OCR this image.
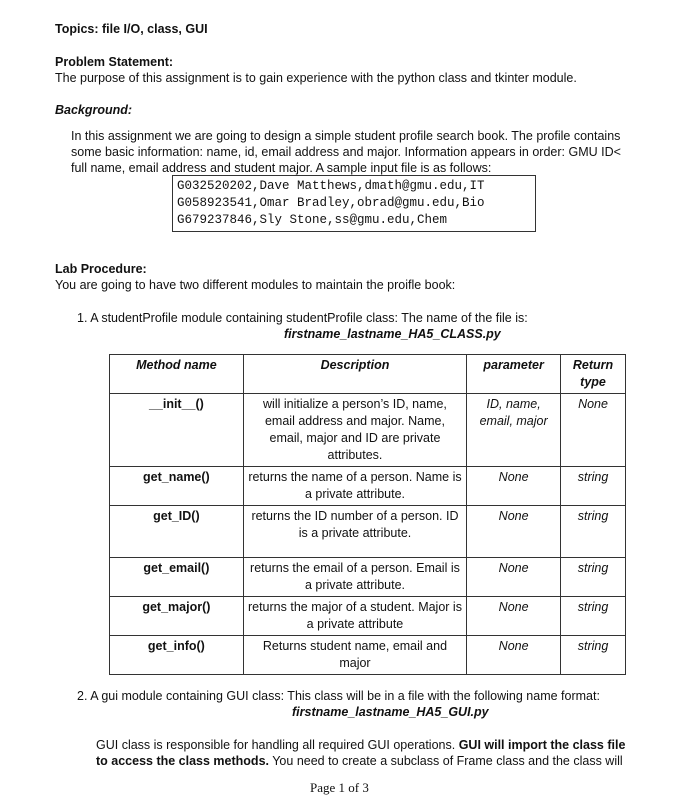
Topics: file I/O, class, GUI
Problem Statement:
The purpose of this assignment is to gain experience with the python class and tkinter module.
Background:
In this assignment we are going to design a simple student profile search book. The profile contains
some basic information: name, id, email address and major. Information appears in order: GMU ID<
full name, email address and student major. A sample input file is as follows:
G032520202,Dave Matthews,dmath@gmu.edu,IT
G058923541,Omar Bradley,obrad@gmu.edu,Bio
G679237846,Sly Stone,ss@gmu.edu,Chem
Lab Procedure:
You are going to have two different modules to maintain the proifle book:
1. A studentProfile module containing studentProfile class: The name of the file is:
firstname_lastname_HA5_CLASS.py
Method name	Description	parameter	Return type
__init__()	will initialize a person’s ID, name, email address and major. Name, email, major and ID are private attributes.	ID, name, email, major	None
get_name()	returns the name of a person. Name is a private attribute.	None	string
get_ID()	returns the ID number of a person. ID is a private attribute.	None	string
get_email()	returns the email of a person. Email is a private attribute.	None	string
get_major()	returns the major of a student. Major is a private attribute	None	string
get_info()	Returns student name, email and major	None	string
2. A gui module containing GUI class: This class will be in a file with the following name format:
firstname_lastname_HA5_GUI.py
GUI class is responsible for handling all required GUI operations. GUI will import the class file
to access the class methods. You need to create a subclass of Frame class and the class will
Page 1 of 3
